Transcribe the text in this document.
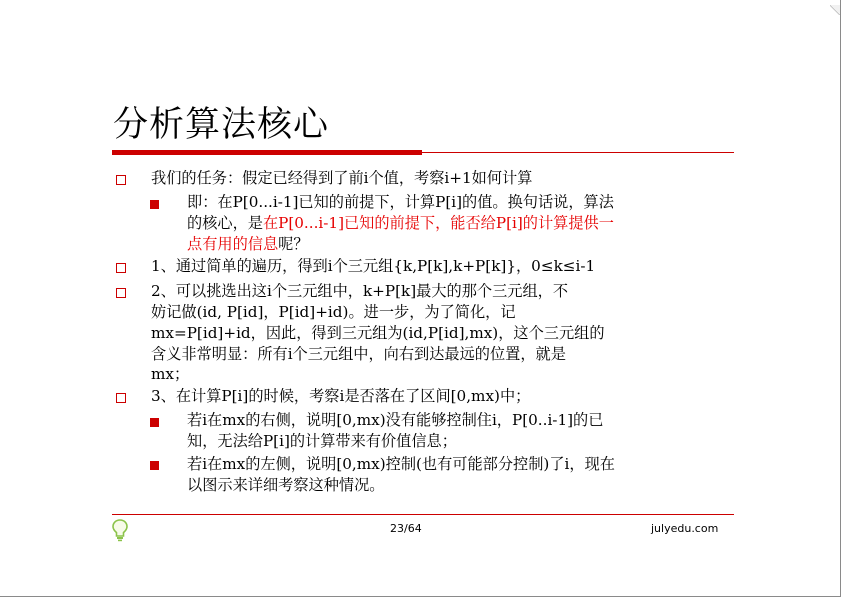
分析算法核心
我们的任务：假定已经得到了前i个值，考察i+1如何计算
即：在P[0...i-1]已知的前提下，计算P[i]的值。换句话说，算法
的核心，是在P[0...i-1]已知的前提下，能否给P[i]的计算提供一
点有用的信息呢？
1、通过简单的遍历，得到i个三元组{k,P[k],k+P[k]}，0≤k≤i-1
2、可以挑选出这i个三元组中，k+P[k]最大的那个三元组，不
妨记做(id, P[id]，P[id]+id)。进一步，为了简化，记
mx=P[id]+id，因此，得到三元组为(id,P[id],mx)，这个三元组的
含义非常明显：所有i个三元组中，向右到达最远的位置，就是
mx；
3、在计算P[i]的时候，考察i是否落在了区间[0,mx)中；
若i在mx的右侧，说明[0,mx)没有能够控制住i，P[0..i-1]的已
知，无法给P[i]的计算带来有价值信息；
若i在mx的左侧，说明[0,mx)控制(也有可能部分控制)了i，现在
以图示来详细考察这种情况。
23/64	julyedu.com
